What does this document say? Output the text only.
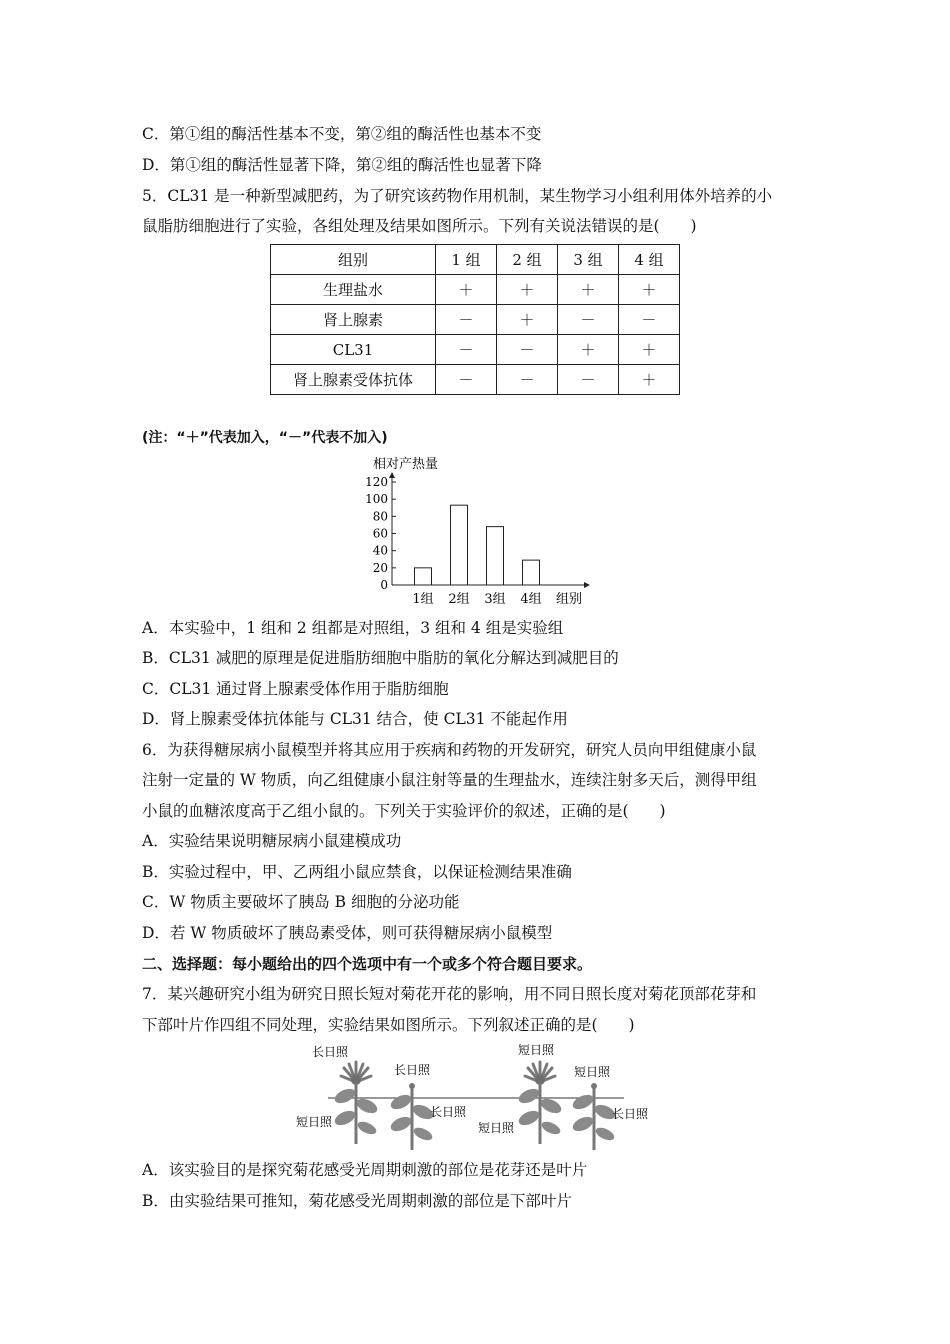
C．第①组的酶活性基本不变，第②组的酶活性也基本不变
D．第①组的酶活性显著下降，第②组的酶活性也显著下降
5．CL31 是一种新型减肥药，为了研究该药物作用机制，某生物学习小组利用体外培养的小
鼠脂肪细胞进行了实验，各组处理及结果如图所示。下列有关说法错误的是(　　)
组别	1 组	2 组	3 组	4 组
生理盐水	＋	＋	＋	＋
肾上腺素	－	＋	－	－
CL31	－	－	＋	＋
肾上腺素受体抗体	－	－	－	＋
(注：“＋”代表加入，“－”代表不加入)
相对产热量
组别
0
20
40
60
80
100
120
1组 2组 3组 4组
A．本实验中，1 组和 2 组都是对照组，3 组和 4 组是实验组
B．CL31 减肥的原理是促进脂肪细胞中脂肪的氧化分解达到减肥目的
C．CL31 通过肾上腺素受体作用于脂肪细胞
D．肾上腺素受体抗体能与 CL31 结合，使 CL31 不能起作用
6．为获得糖尿病小鼠模型并将其应用于疾病和药物的开发研究，研究人员向甲组健康小鼠
注射一定量的 W 物质，向乙组健康小鼠注射等量的生理盐水，连续注射多天后，测得甲组
小鼠的血糖浓度高于乙组小鼠的。下列关于实验评价的叙述，正确的是(　　)
A．实验结果说明糖尿病小鼠建模成功
B．实验过程中，甲、乙两组小鼠应禁食，以保证检测结果准确
C．W 物质主要破坏了胰岛 B 细胞的分泌功能
D．若 W 物质破坏了胰岛素受体，则可获得糖尿病小鼠模型
二、选择题：每小题给出的四个选项中有一个或多个符合题目要求。
7．某兴趣研究小组为研究日照长短对菊花开花的影响，用不同日照长度对菊花顶部花芽和
下部叶片作四组不同处理，实验结果如图所示。下列叙述正确的是(　　)
长日照
短日照
长日照
长日照
短日照
短日照
短日照
长日照
A．该实验目的是探究菊花感受光周期刺激的部位是花芽还是叶片
B．由实验结果可推知，菊花感受光周期刺激的部位是下部叶片
